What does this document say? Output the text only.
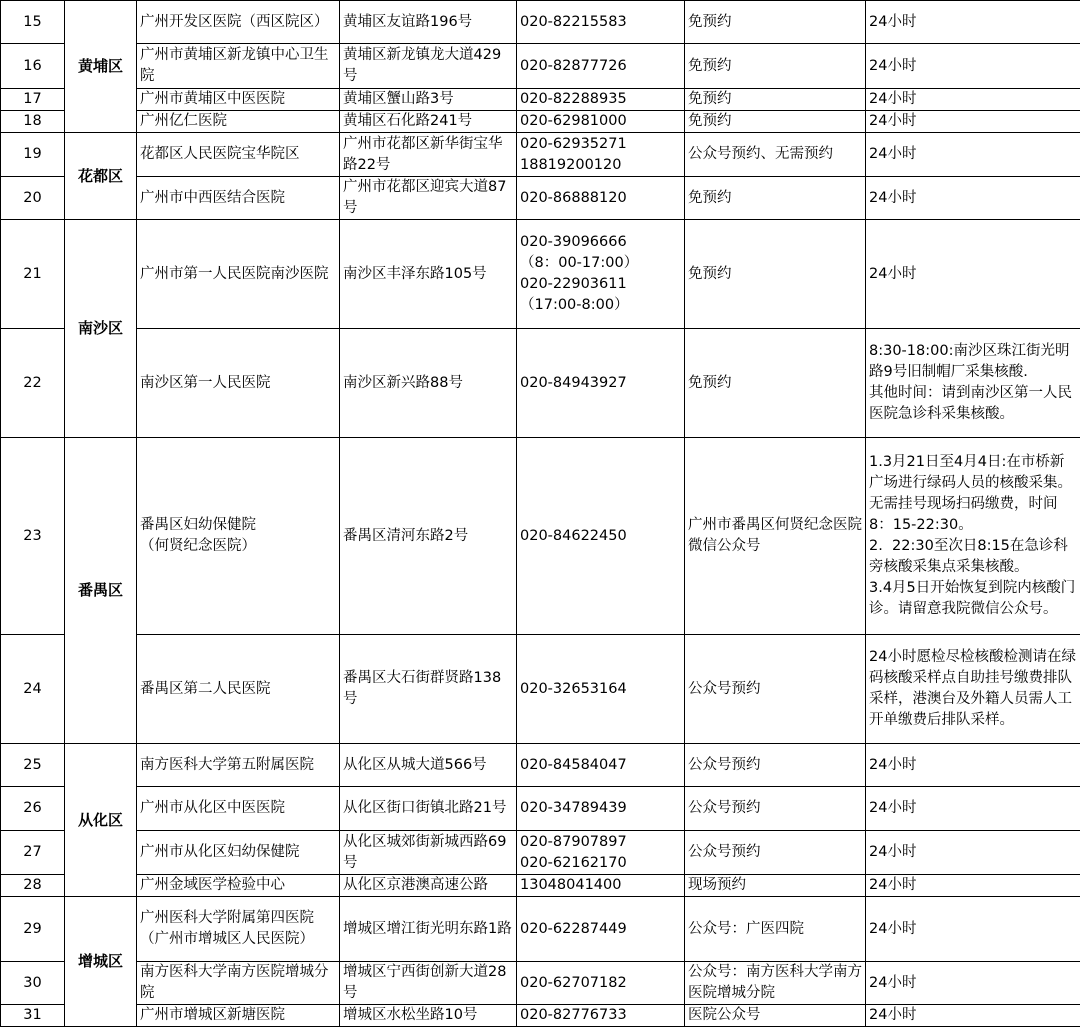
15	黄埔区	广州开发区医院（西区院区）	黄埔区友谊路196号	020-82215583	免预约	24小时
16		广州市黄埔区新龙镇中心卫生院	黄埔区新龙镇龙大道429号	020-82877726	免预约	24小时
17		广州市黄埔区中医医院	黄埔区蟹山路3号	020-82288935	免预约	24小时
18		广州亿仁医院	黄埔区石化路241号	020-62981000	免预约	24小时
19	花都区	花都区人民医院宝华院区	广州市花都区新华街宝华路22号	020-62935271
18819200120	公众号预约、无需预约	24小时
20		广州市中西医结合医院	广州市花都区迎宾大道87号	020-86888120	免预约	24小时
21	南沙区	广州市第一人民医院南沙医院	南沙区丰泽东路105号	020-39096666
（8：00-17:00）
020-22903611
（17:00-8:00）	免预约	24小时
22		南沙区第一人民医院	南沙区新兴路88号	020-84943927	免预约	8:30-18:00:南沙区珠江街光明路9号旧制帽厂采集核酸.
其他时间：请到南沙区第一人民医院急诊科采集核酸。
23	番禺区	番禺区妇幼保健院
（何贤纪念医院）	番禺区清河东路2号	020-84622450	广州市番禺区何贤纪念医院微信公众号	1.3月21日至4月4日:在市桥新广场进行绿码人员的核酸采集。无需挂号现场扫码缴费，时间8：15-22:30。
2.  22:30至次日8:15在急诊科旁核酸采集点采集核酸。
3.4月5日开始恢复到院内核酸门诊。请留意我院微信公众号。
24		番禺区第二人民医院	番禺区大石街群贤路138号	020-32653164	公众号预约	24小时愿检尽检核酸检测请在绿码核酸采样点自助挂号缴费排队采样，港澳台及外籍人员需人工开单缴费后排队采样。
25	从化区	南方医科大学第五附属医院	从化区从城大道566号	020-84584047	公众号预约	24小时
26		广州市从化区中医医院	从化区街口街镇北路21号	020-34789439	公众号预约	24小时
27		广州市从化区妇幼保健院	从化区城郊街新城西路69号	020-87907897
020-62162170	公众号预约	24小时
28		广州金域医学检验中心	从化区京港澳高速公路	13048041400	现场预约	24小时
29	增城区	广州医科大学附属第四医院（广州市增城区人民医院）	增城区增江街光明东路1路	020-62287449	公众号：广医四院	24小时
30		南方医科大学南方医院增城分院	增城区宁西街创新大道28号	020-62707182	公众号：南方医科大学南方医院增城分院	24小时
31		广州市增城区新塘医院	增城区水松坐路10号	020-82776733	医院公众号	24小时
